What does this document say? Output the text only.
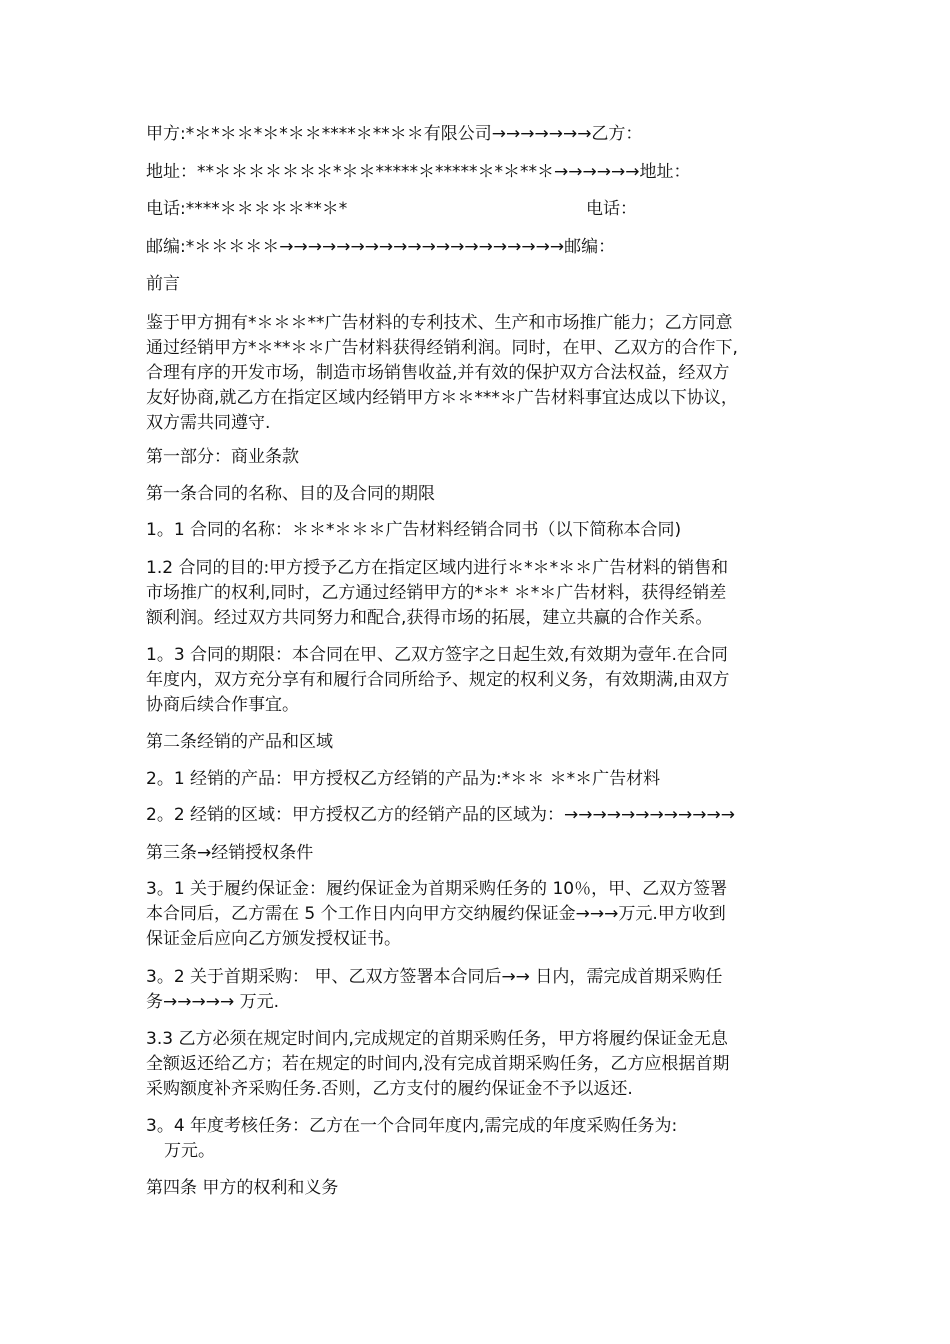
甲方:*＊*＊＊*＊*＊＊****＊**＊＊有限公司→→→→→→→乙方：
地址：**＊＊＊＊＊＊＊*＊＊*****＊*****＊*＊**＊→→→→→→地址：
电话:****＊＊＊＊＊**＊*	电话：
邮编:*＊＊＊＊＊→→→→→→→→→→→→→→→→→→→→邮编：
前言
鉴于甲方拥有*＊＊＊**广告材料的专利技术、生产和市场推广能力；乙方同意
通过经销甲方*＊**＊＊广告材料获得经销利润。同时，在甲、乙双方的合作下,
合理有序的开发市场，制造市场销售收益,并有效的保护双方合法权益，经双方
友好协商,就乙方在指定区域内经销甲方＊＊***＊广告材料事宜达成以下协议，
双方需共同遵守.
第一部分：商业条款
第一条合同的名称、目的及合同的期限
1。1 合同的名称：＊＊*＊＊＊广告材料经销合同书（以下简称本合同)
1.2 合同的目的:甲方授予乙方在指定区域内进行＊*＊*＊＊广告材料的销售和
市场推广的权利,同时，乙方通过经销甲方的*＊* ＊*＊广告材料，获得经销差
额利润。经过双方共同努力和配合,获得市场的拓展，建立共赢的合作关系。
1。3 合同的期限：本合同在甲、乙双方签字之日起生效,有效期为壹年.在合同
年度内，双方充分享有和履行合同所给予、规定的权利义务，有效期满,由双方
协商后续合作事宜。
第二条经销的产品和区域
2。1 经销的产品：甲方授权乙方经销的产品为:*＊＊ ＊*＊广告材料
2。2 经销的区域：甲方授权乙方的经销产品的区域为：→→→→→→→→→→→→
第三条→经销授权条件
3。1 关于履约保证金：履约保证金为首期采购任务的 10％，甲、乙双方签署
本合同后，乙方需在 5 个工作日内向甲方交纳履约保证金→→→万元.甲方收到
保证金后应向乙方颁发授权证书。
3。2 关于首期采购： 甲、乙双方签署本合同后→→ 日内，需完成首期采购任
务→→→→→ 万元.
3.3 乙方必须在规定时间内,完成规定的首期采购任务，甲方将履约保证金无息
全额返还给乙方；若在规定的时间内,没有完成首期采购任务，乙方应根据首期
采购额度补齐采购任务.否则，乙方支付的履约保证金不予以返还.
3。4 年度考核任务：乙方在一个合同年度内,需完成的年度采购任务为:
万元。
第四条 甲方的权利和义务
